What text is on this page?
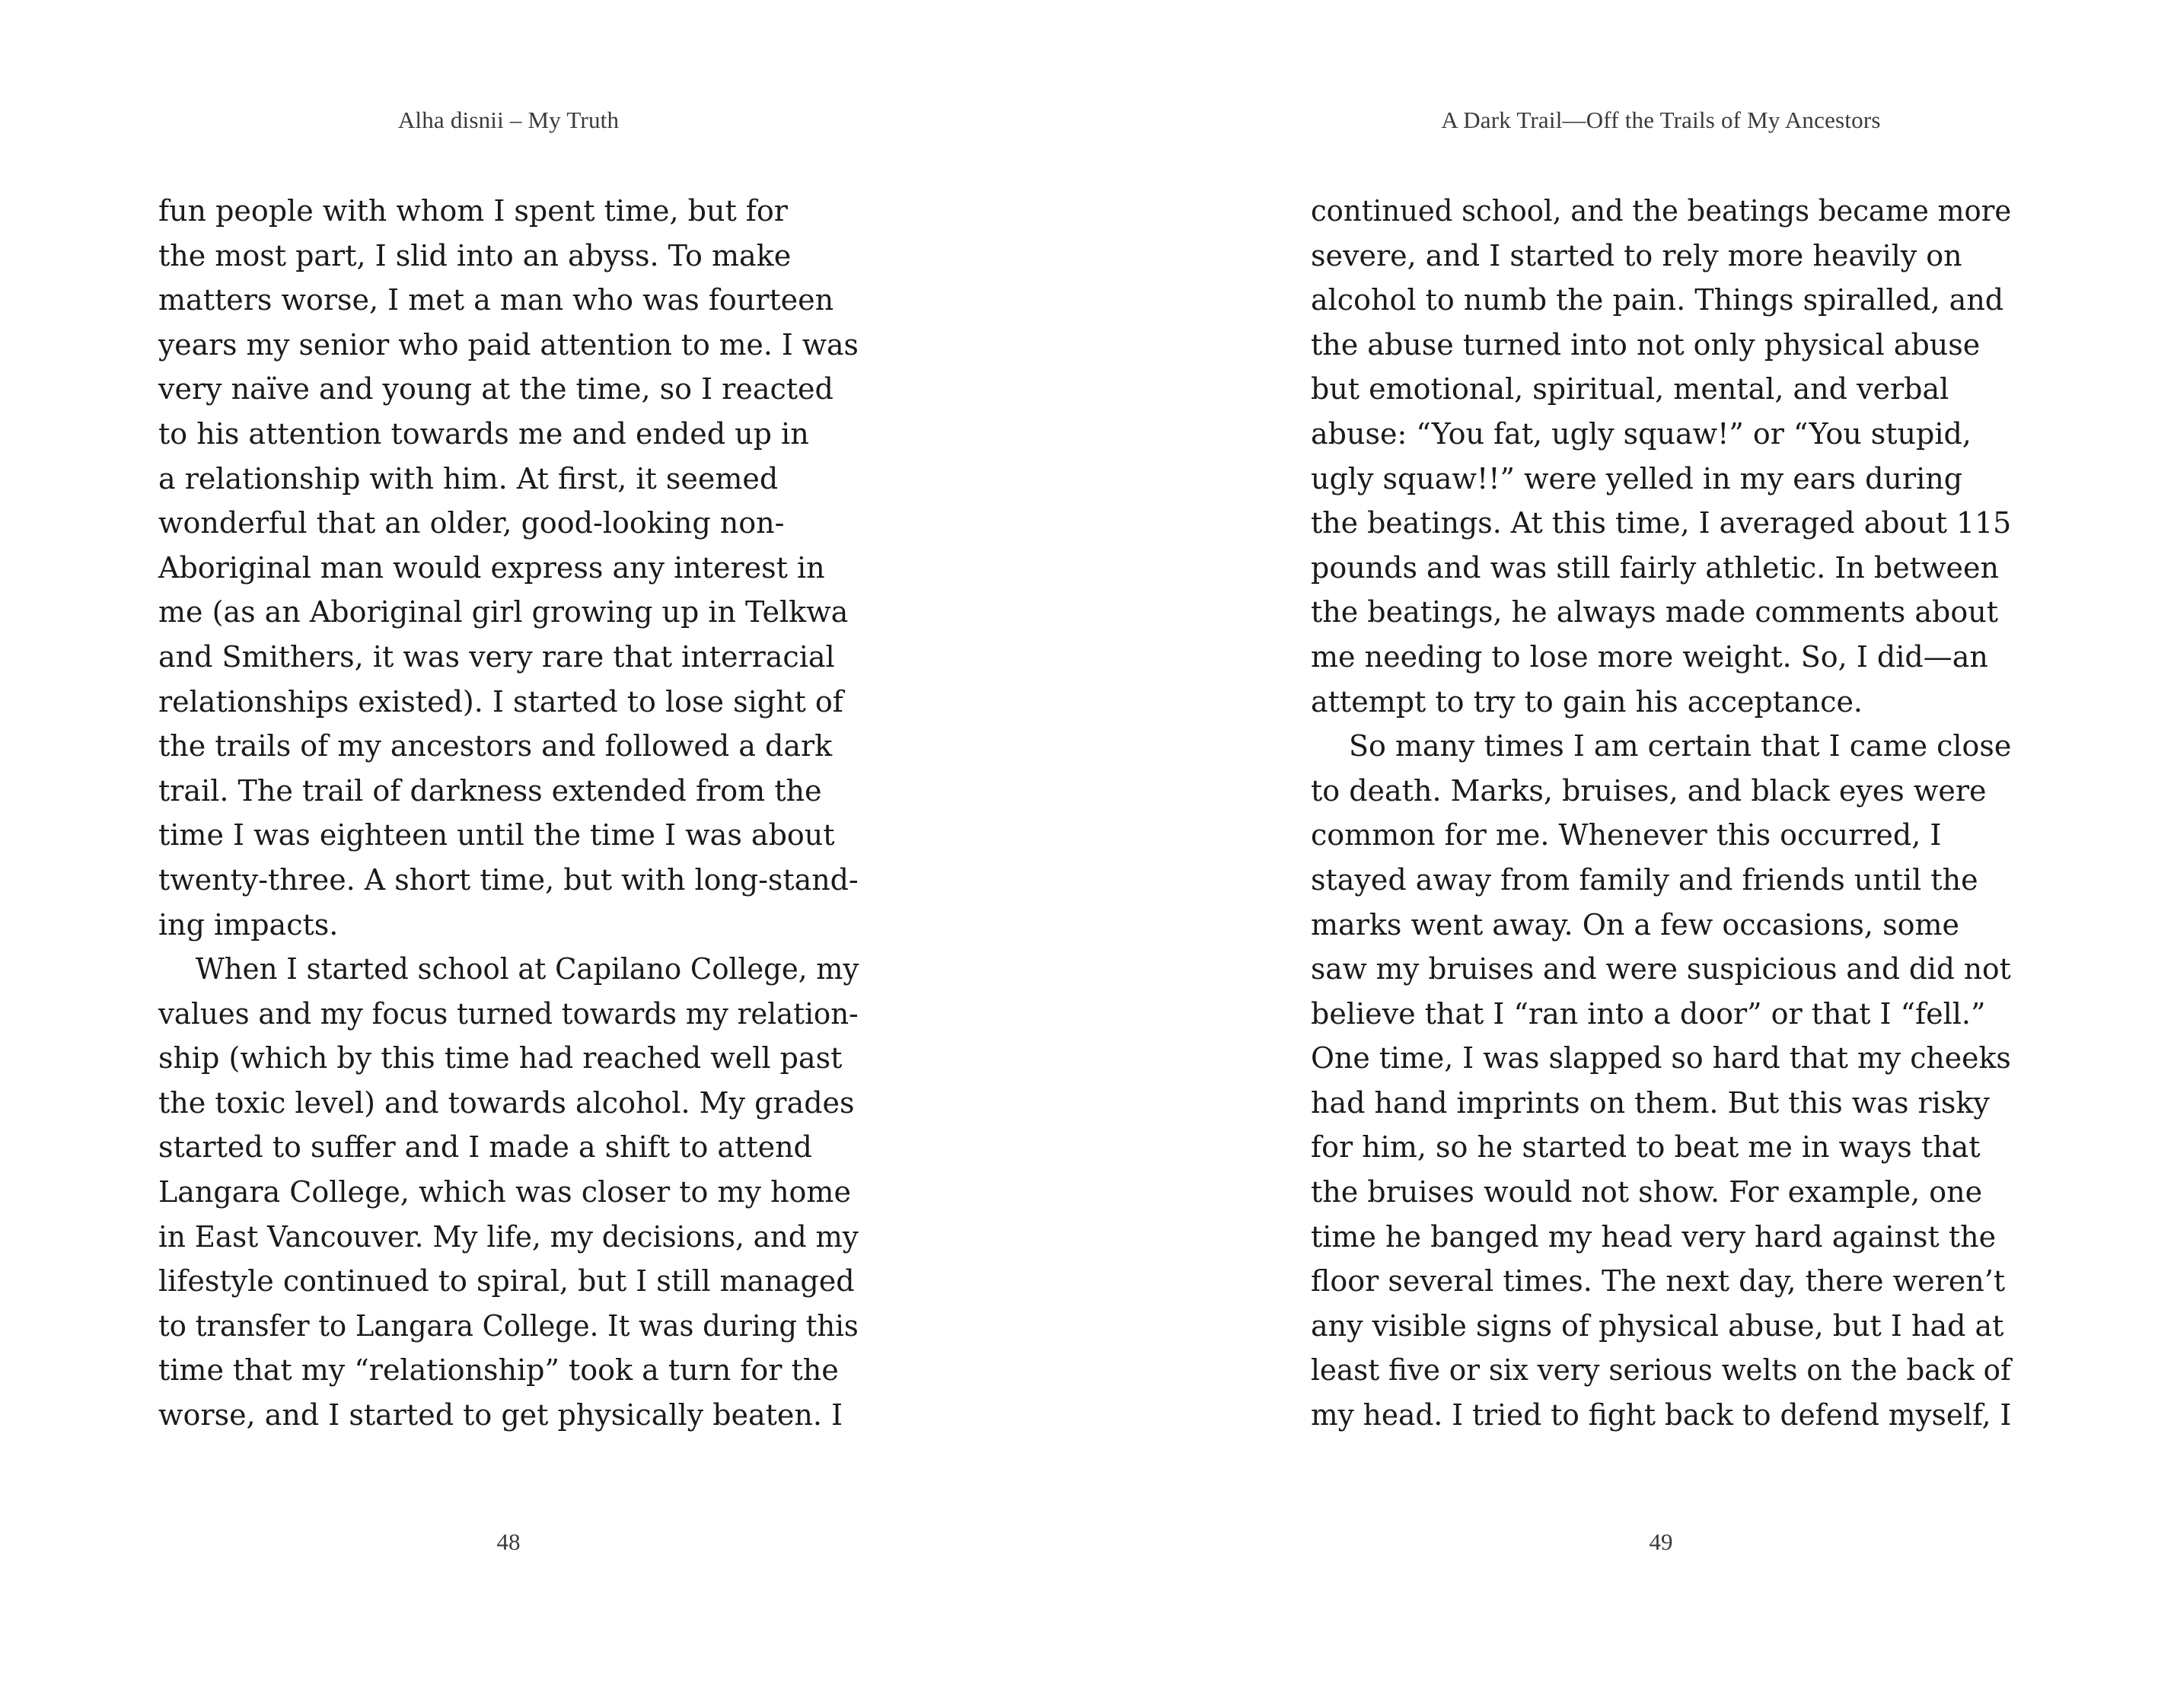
Alha disnii – My Truth
fun people with whom I spent time, but for
the most part, I slid into an abyss. To make
matters worse, I met a man who was fourteen
years my senior who paid attention to me. I was
very naïve and young at the time, so I reacted
to his attention towards me and ended up in
a relationship with him. At first, it seemed
wonderful that an older, good-looking non-
Aboriginal man would express any interest in
me (as an Aboriginal girl growing up in Telkwa
and Smithers, it was very rare that interracial
relationships existed). I started to lose sight of
the trails of my ancestors and followed a dark
trail. The trail of darkness extended from the
time I was eighteen until the time I was about
twenty-three. A short time, but with long-stand-
ing impacts.
When I started school at Capilano College, my
values and my focus turned towards my relation-
ship (which by this time had reached well past
the toxic level) and towards alcohol. My grades
started to suffer and I made a shift to attend
Langara College, which was closer to my home
in East Vancouver. My life, my decisions, and my
lifestyle continued to spiral, but I still managed
to transfer to Langara College. It was during this
time that my “relationship” took a turn for the
worse, and I started to get physically beaten. I
48
A Dark Trail—Off the Trails of My Ancestors
continued school, and the beatings became more
severe, and I started to rely more heavily on
alcohol to numb the pain. Things spiralled, and
the abuse turned into not only physical abuse
but emotional, spiritual, mental, and verbal
abuse: “You fat, ugly squaw!” or “You stupid,
ugly squaw!!” were yelled in my ears during
the beatings. At this time, I averaged about 115
pounds and was still fairly athletic. In between
the beatings, he always made comments about
me needing to lose more weight. So, I did—an
attempt to try to gain his acceptance.
So many times I am certain that I came close
to death. Marks, bruises, and black eyes were
common for me. Whenever this occurred, I
stayed away from family and friends until the
marks went away. On a few occasions, some
saw my bruises and were suspicious and did not
believe that I “ran into a door” or that I “fell.”
One time, I was slapped so hard that my cheeks
had hand imprints on them. But this was risky
for him, so he started to beat me in ways that
the bruises would not show. For example, one
time he banged my head very hard against the
floor several times. The next day, there weren’t
any visible signs of physical abuse, but I had at
least five or six very serious welts on the back of
my head. I tried to fight back to defend myself, I
49
